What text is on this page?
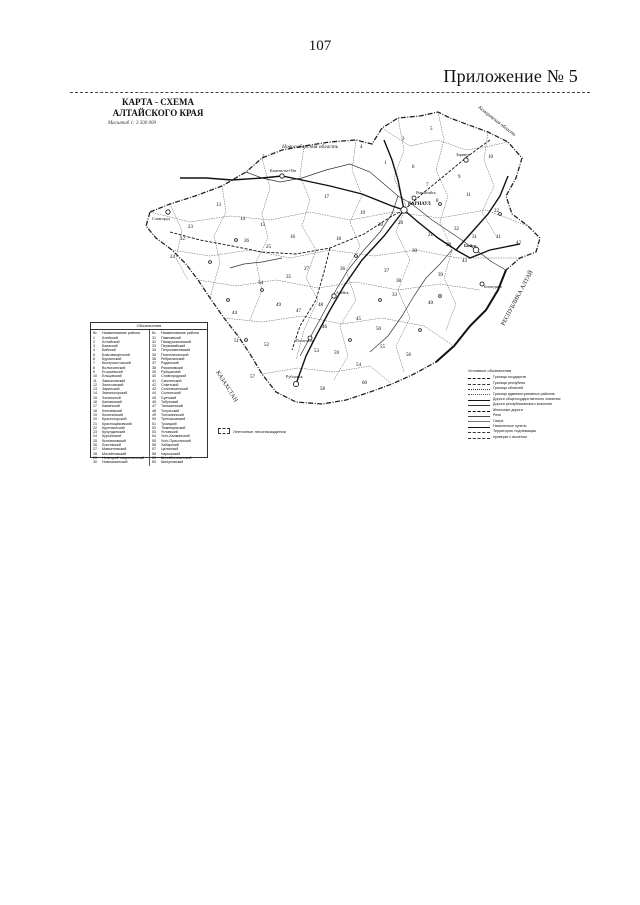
107
Приложение № 5
КАРТА - СХЕМА
АЛТАЙСКОГО КРАЯ
Масштаб 1: 3 500 000
Новосибирская область
Кемеровская область
РЕСПУБЛИКА АЛТАЙ
КАЗАХСТАН
БАРНАУЛ
Бийск
Рубцовск
Камень-на-Оби
Славгород
Заринск
Алейск
Новоалтайск
Белокуриха
Поспелиха
1
2
3
4
5
6
7
8
9
10
11
12
13
14
15
16
17
18
19
20
21
22
23
24
25
26
27
28
29
30
31
32
33
34
35
36	37
38
39
40
41
42
43
44
45
46
47
48
49
50
51
52
53
54
55
56
57
58
59
60
Обозначения
№	Наименование района
1	Алейский
2	Алтайский
3	Баевский
4	Бийский
5	Благовещенский
6	Бурлинский
7	Быстроистокский
8	Волчихинский
9	Егорьевский
10	Ельцовский
11	Завьяловский
12	Залесовский
13	Заринский
14	Змеиногорский
15	Зональный
16	Калманский
17	Каменский
18	Ключевский
19	Косихинский
20	Красногорский
21	Краснощёковский
22	Крутихинский
23	Кулундинский
24	Курьинский
25	Кытмановский
26	Локтевский
27	Мамонтовский
28	Михайловский
29	Немецкий национальный
30	Новичихинский
№	Наименование района
31	Павловский
32	Панкрушихинский
33	Первомайский
34	Петропавловский
35	Поспелихинский
36	Ребрихинский
37	Родинский
38	Романовский
39	Рубцовский
40	Славгородский
41	Смоленский
42	Советский
43	Солонешенский
44	Солтонский
45	Суетский
46	Табунский
47	Тальменский
48	Тогульский
49	Топчихинский
50	Третьяковский
51	Троицкий
52	Тюменцевский
53	Угловский
54	Усть-Калманский
55	Усть-Пристанский
56	Хабарский
57	Целинный
58	Чарышский
59	Шелаболихинский
60	Шипуновский
Условные обозначения
Граница государств
Граница республик
Граница областей
Граница административных районов
Дороги общегосударственного значения
Дороги республиканского значения
Железные дороги
Реки
Озера
Населенные пункты
Территория, подлежащая
проверке с вылетом
Ленточные лесонасаждения
